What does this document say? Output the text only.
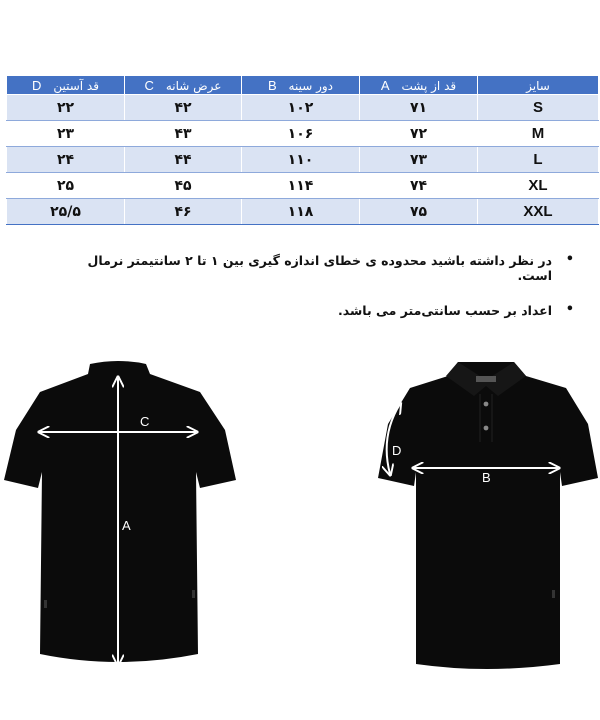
D قد آستین	C عرض شانه	B دور سینه	A قد از پشت	سایز
۲۲	۴۲	۱۰۲	۷۱	S
۲۳	۴۳	۱۰۶	۷۲	M
۲۴	۴۴	۱۱۰	۷۳	L
۲۵	۴۵	۱۱۴	۷۴	XL
۲۵/۵	۴۶	۱۱۸	۷۵	XXL
• در نظر داشته باشید محدوده ی خطای اندازه گیری بین ۱ تا ۲ سانتیمتر نرمال است.
• اعداد بر حسب سانتی‌متر می باشد.
C
A
D
B
